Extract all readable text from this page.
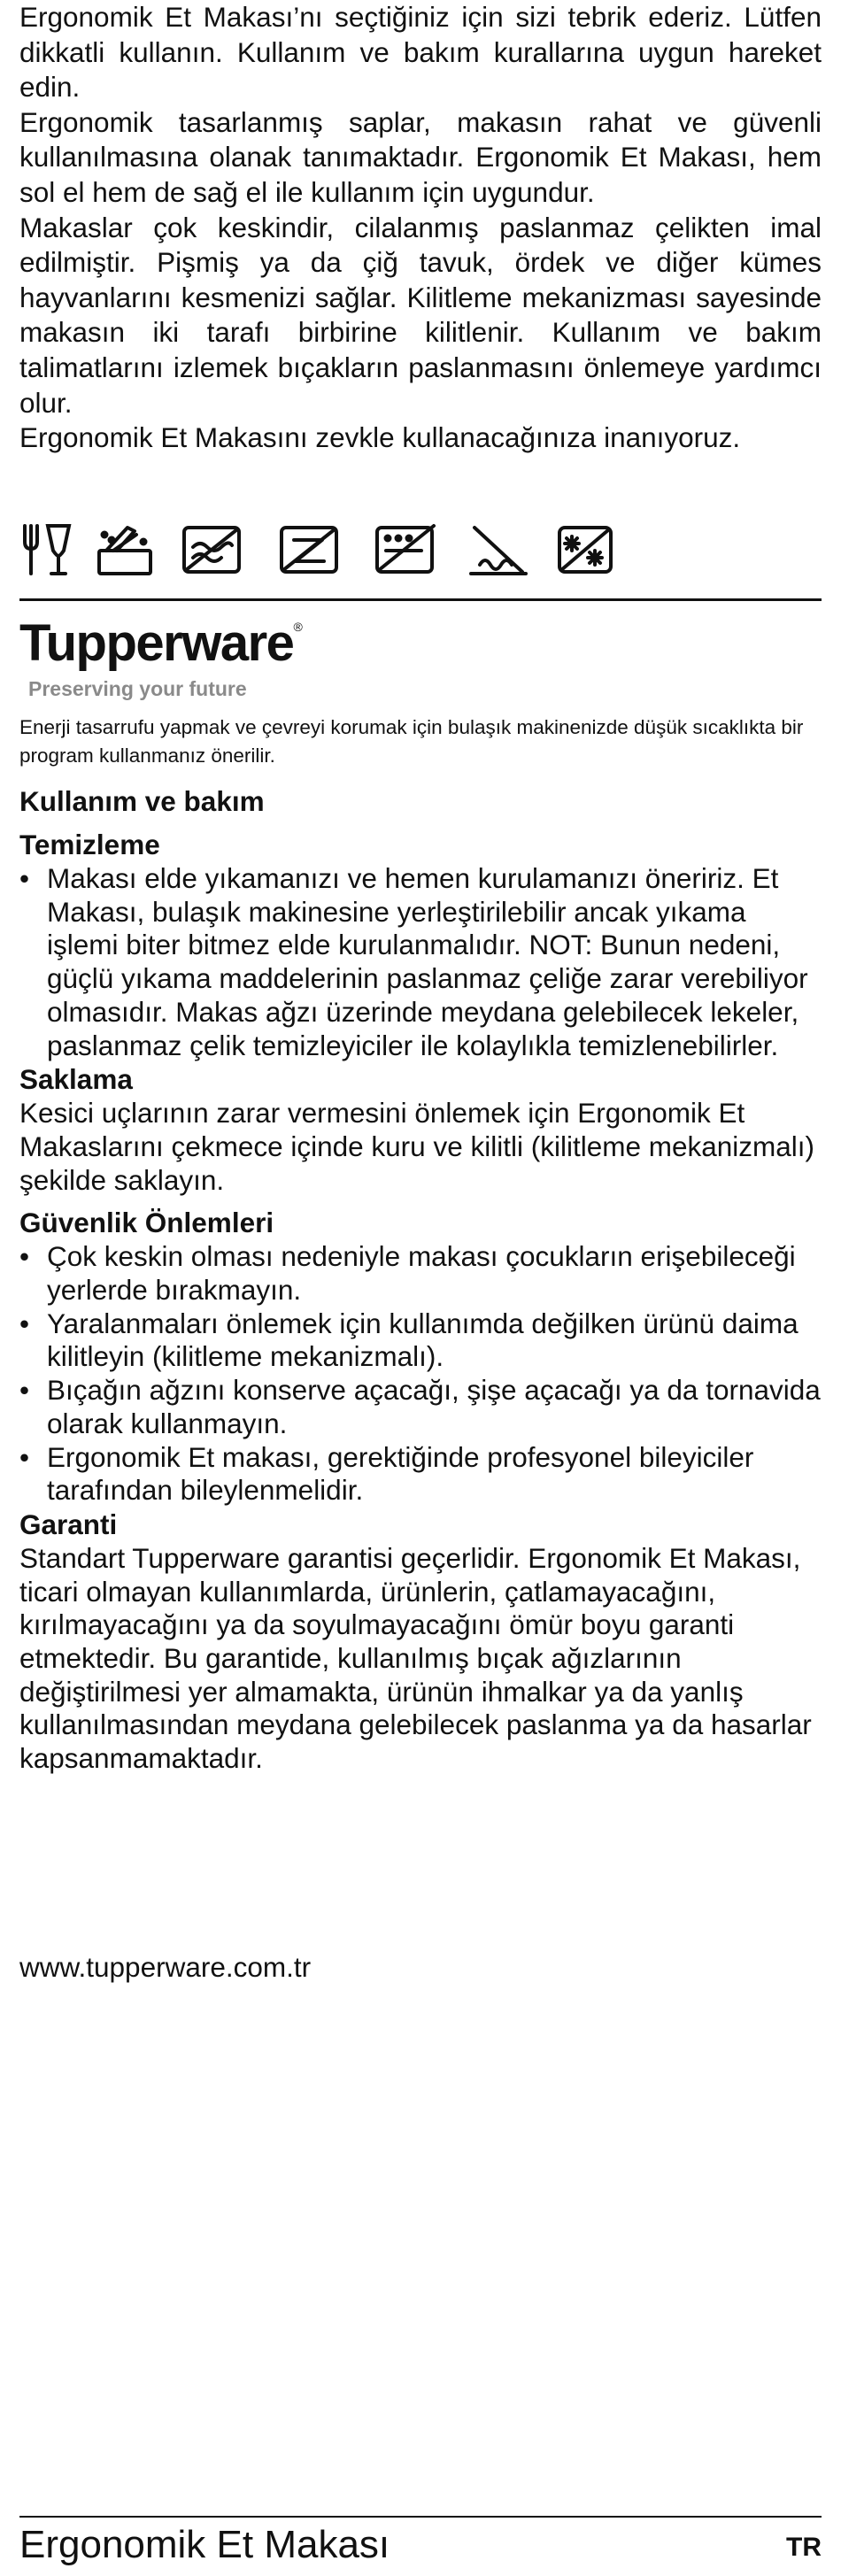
Ergonomik Et Makası’nı seçtiğiniz için sizi tebrik ederiz. Lütfen dikkatli kullanın. Kullanım ve bakım kurallarına uygun hareket edin.

Ergonomik tasarlanmış saplar, makasın rahat ve güvenli kullanılmasına olanak tanımaktadır. Ergonomik Et Makası, hem sol el hem de sağ el ile kullanım için uygundur.

Makaslar çok keskindir, cilalanmış paslanmaz çelikten imal edilmiştir. Pişmiş ya da çiğ tavuk, ördek ve diğer kümes hayvanlarını kesmenizi sağlar. Kilitleme mekanizması sayesinde makasın iki tarafı birbirine kilitlenir. Kullanım ve bakım talimatlarını izlemek bıçakların paslanmasını önlemeye yardımcı olur.

Ergonomik Et Makasını zevkle kullanacağınıza inanıyoruz.

Tupperware®
Preserving your future
Enerji tasarrufu yapmak ve çevreyi korumak için bulaşık makinenizde düşük sıcaklıkta bir program kullanmanız önerilir.
Kullanım ve bakım
Temizleme
• Makası elde yıkamanızı ve hemen kurulamanızı öneririz. Et Makası, bulaşık makinesine yerleştirilebilir ancak yıkama işlemi biter bitmez elde kurulanmalıdır. NOT: Bunun nedeni, güçlü yıkama maddelerinin paslanmaz çeliğe zarar verebiliyor olmasıdır. Makas ağzı üzerinde meydana gelebilecek lekeler, paslanmaz çelik temizleyiciler ile kolaylıkla temizlenebilirler.
Saklama

Kesici uçlarının zarar vermesini önlemek için Ergonomik Et Makaslarını çekmece içinde kuru ve kilitli (kilitleme mekanizmalı) şekilde saklayın.

Güvenlik Önlemleri
• Çok keskin olması nedeniyle makası çocukların erişebileceği yerlerde bırakmayın.
• Yaralanmaları önlemek için kullanımda değilken ürünü daima kilitleyin (kilitleme mekanizmalı).
• Bıçağın ağzını konserve açacağı, şişe açacağı ya da tornavida olarak kullanmayın.
• Ergonomik Et makası, gerektiğinde profesyonel bileyiciler tarafından bileylenmelidir.
Garanti

Standart Tupperware garantisi geçerlidir. Ergonomik Et Makası, ticari olmayan kullanımlarda, ürünlerin, çatlamayacağını, kırılmayacağını ya da soyulmayacağını ömür boyu garanti etmektedir. Bu garantide, kullanılmış bıçak ağızlarının değiştirilmesi yer almamakta, ürünün ihmalkar ya da yanlış kullanılmasından meydana gelebilecek paslanma ya da hasarlar kapsanmamaktadır.

www.tupperware.com.tr
Ergonomik Et Makası	TR
